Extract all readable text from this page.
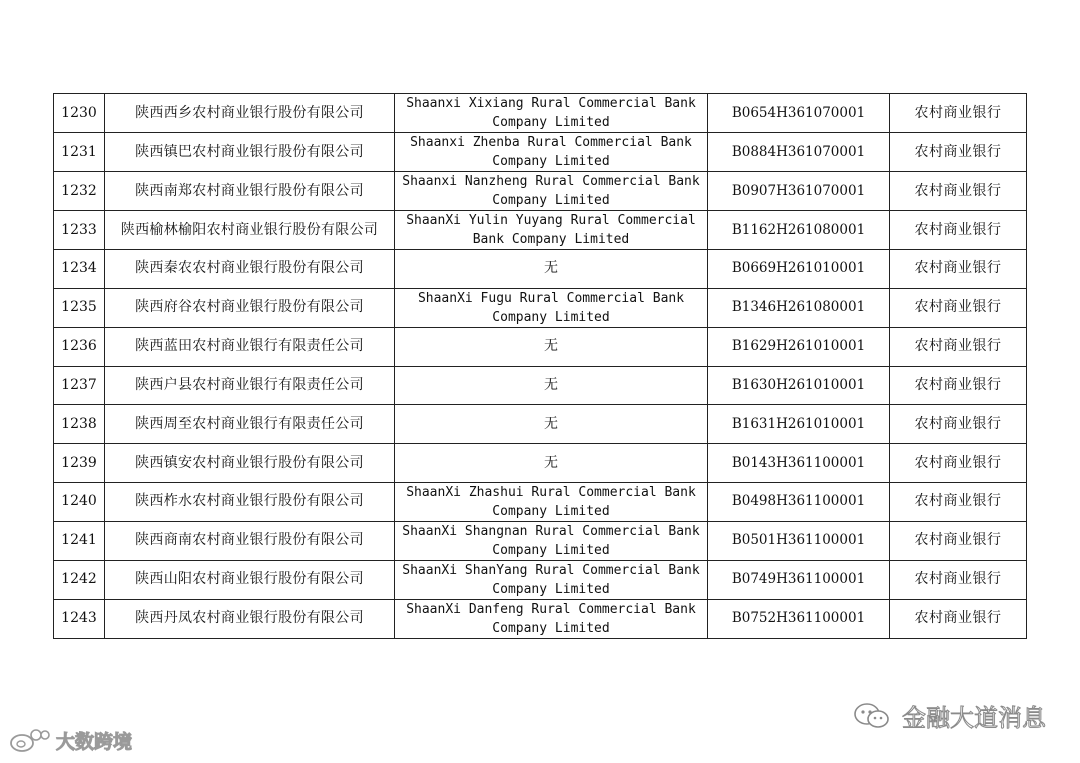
1230	陕西西乡农村商业银行股份有限公司	Shaanxi Xixiang Rural Commercial Bank
Company Limited	B0654H361070001	农村商业银行
1231	陕西镇巴农村商业银行股份有限公司	Shaanxi Zhenba Rural Commercial Bank
Company Limited	B0884H361070001	农村商业银行
1232	陕西南郑农村商业银行股份有限公司	Shaanxi Nanzheng Rural Commercial Bank
Company Limited	B0907H361070001	农村商业银行
1233	陕西榆林榆阳农村商业银行股份有限公司	ShaanXi Yulin Yuyang Rural Commercial
Bank Company Limited	B1162H261080001	农村商业银行
1234	陕西秦农农村商业银行股份有限公司	无	B0669H261010001	农村商业银行
1235	陕西府谷农村商业银行股份有限公司	ShaanXi Fugu Rural Commercial Bank
Company Limited	B1346H261080001	农村商业银行
1236	陕西蓝田农村商业银行有限责任公司	无	B1629H261010001	农村商业银行
1237	陕西户县农村商业银行有限责任公司	无	B1630H261010001	农村商业银行
1238	陕西周至农村商业银行有限责任公司	无	B1631H261010001	农村商业银行
1239	陕西镇安农村商业银行股份有限公司	无	B0143H361100001	农村商业银行
1240	陕西柞水农村商业银行股份有限公司	ShaanXi Zhashui Rural Commercial Bank
Company Limited	B0498H361100001	农村商业银行
1241	陕西商南农村商业银行股份有限公司	ShaanXi Shangnan Rural Commercial Bank
Company Limited	B0501H361100001	农村商业银行
1242	陕西山阳农村商业银行股份有限公司	ShaanXi ShanYang Rural Commercial Bank
Company Limited	B0749H361100001	农村商业银行
1243	陕西丹凤农村商业银行股份有限公司	ShaanXi Danfeng Rural Commercial Bank
Company Limited	B0752H361100001	农村商业银行
金融大道消息
大数跨境
